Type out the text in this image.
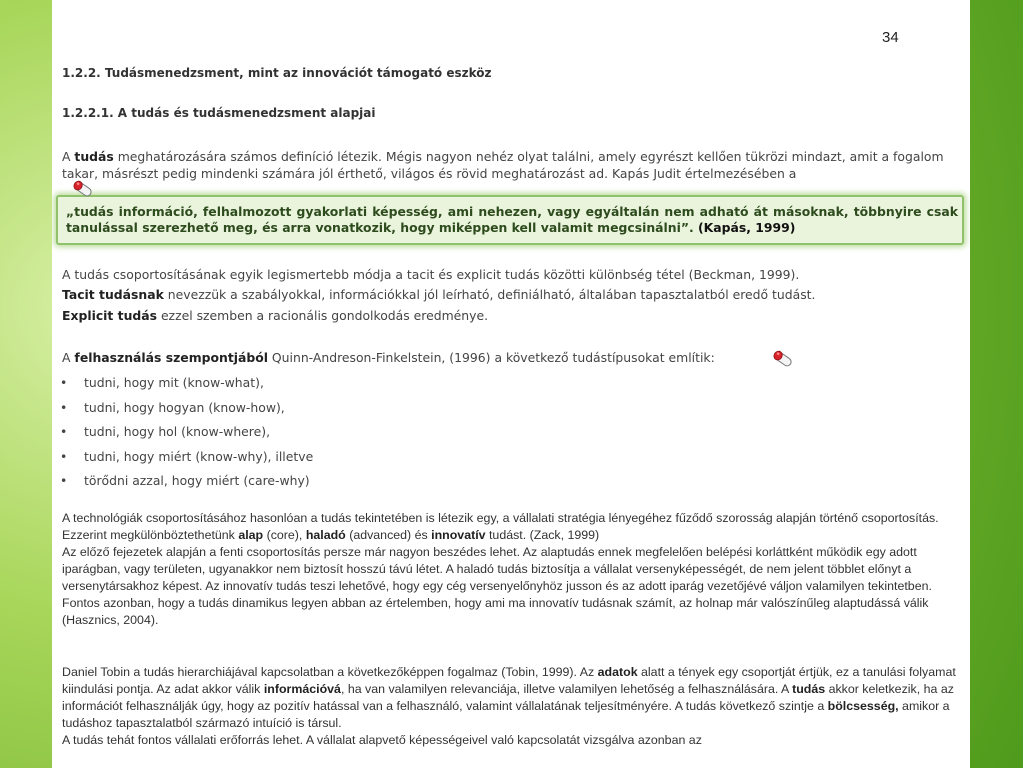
34
1.2.2. Tudásmenedzsment, mint az innovációt támogató eszköz
1.2.2.1. A tudás és tudásmenedzsment alapjai
A tudás meghatározására számos definíció létezik. Mégis nagyon nehéz olyat találni, amely egyrészt kellően tükrözi mindazt, amit a fogalom takar, másrészt pedig mindenki számára jól érthető, világos és rövid meghatározást ad. Kapás Judit értelmezésében a
„tudás információ, felhalmozott gyakorlati képesség, ami nehezen, vagy egyáltalán nem adható át másoknak, többnyire csak tanulással szerezhető meg, és arra vonatkozik, hogy miképpen kell valamit megcsinálni”. (Kapás, 1999)
A tudás csoportosításának egyik legismertebb módja a tacit és explicit tudás közötti különbség tétel (Beckman, 1999).
Tacit tudásnak nevezzük a szabályokkal, információkkal jól leírható, definiálható, általában tapasztalatból eredő tudást.
Explicit tudás ezzel szemben a racionális gondolkodás eredménye.
A felhasználás szempontjából Quinn-Andreson-Finkelstein, (1996) a következő tudástípusokat említik:
•	tudni, hogy mit (know-what),
•	tudni, hogy hogyan (know-how),
•	tudni, hogy hol (know-where),
•	tudni, hogy miért (know-why), illetve
•	törődni azzal, hogy miért (care-why)
A technológiák csoportosításához hasonlóan a tudás tekintetében is létezik egy, a vállalati stratégia lényegéhez fűződő szorosság alapján történő csoportosítás. Ezzerint megkülönböztethetünk alap (core), haladó (advanced) és innovatív tudást. (Zack, 1999)
Az előző fejezetek alapján a fenti csoportosítás persze már nagyon beszédes lehet. Az alaptudás ennek megfelelően belépési korláttként működik egy adott iparágban, vagy területen, ugyanakkor nem biztosít hosszú távú létet. A haladó tudás biztosítja a vállalat versenyképességét, de nem jelent többlet előnyt a versenytársakhoz képest. Az innovatív tudás teszi lehetővé, hogy egy cég versenyelőnyhöz jusson és az adott iparág vezetőjévé váljon valamilyen tekintetben. Fontos azonban, hogy a tudás dinamikus legyen abban az értelemben, hogy ami ma innovatív tudásnak számít, az holnap már valószínűleg alaptudássá válik (Hasznics, 2004).
Daniel Tobin a tudás hierarchiájával kapcsolatban a következőképpen fogalmaz (Tobin, 1999). Az adatok alatt a tények egy csoportját értjük, ez a tanulási folyamat kiindulási pontja. Az adat akkor válik információvá, ha van valamilyen relevanciája, illetve valamilyen lehetőség a felhasználására. A tudás akkor keletkezik, ha az információt felhasználják úgy, hogy az pozitív hatással van a felhasználó, valamint vállalatának teljesítményére. A tudás következő szintje a bölcsesség, amikor a tudáshoz tapasztalatból származó intuíció is társul.
A tudás tehát fontos vállalati erőforrás lehet. A vállalat alapvető képességeivel való kapcsolatát vizsgálva azonban az
